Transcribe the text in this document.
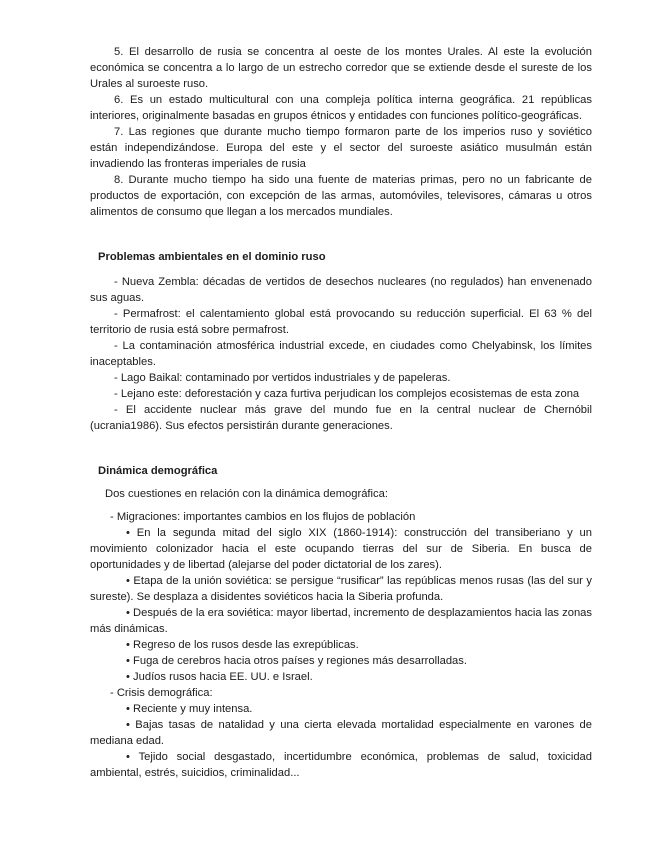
5. El desarrollo de rusia se concentra al oeste de los montes Urales. Al este la evolución económica se concentra a lo largo de un estrecho corredor que se extiende desde el sureste de los Urales al suroeste ruso.

6. Es un estado multicultural con una compleja política interna geográfica. 21 repúblicas interiores, originalmente basadas en grupos étnicos y entidades con funciones político-geográficas.

7. Las regiones que durante mucho tiempo formaron parte de los imperios ruso y soviético están independizándose. Europa del este y el sector del suroeste asiático musulmán están invadiendo las fronteras imperiales de rusia

8. Durante mucho tiempo ha sido una fuente de materias primas, pero no un fabricante de productos de exportación, con excepción de las armas, automóviles, televisores, cámaras u otros alimentos de consumo que llegan a los mercados mundiales.

Problemas ambientales en el dominio ruso

- Nueva Zembla: décadas de vertidos de desechos nucleares (no regulados) han envenenado sus aguas.

- Permafrost: el calentamiento global está provocando su reducción superficial. El 63 % del territorio de rusia está sobre permafrost.

- La contaminación atmosférica industrial excede, en ciudades como Chelyabinsk, los límites inaceptables.

- Lago Baikal: contaminado por vertidos industriales y de papeleras.

- Lejano este: deforestación y caza furtiva perjudican los complejos ecosistemas de esta zona

- El accidente nuclear más grave del mundo fue en la central nuclear de Chernóbil (ucrania1986). Sus efectos persistirán durante generaciones.

Dinámica demográfica

Dos cuestiones en relación con la dinámica demográfica:

- Migraciones: importantes cambios en los flujos de población

• En la segunda mitad del siglo XIX (1860-1914): construcción del transiberiano y un movimiento colonizador hacia el este ocupando tierras del sur de Siberia. En busca de oportunidades y de libertad (alejarse del poder dictatorial de los zares).

• Etapa de la unión soviética: se persigue “rusificar” las repúblicas menos rusas (las del sur y sureste). Se desplaza a disidentes soviéticos hacia la Siberia profunda.

• Después de la era soviética: mayor libertad, incremento de desplazamientos hacia las zonas más dinámicas.

• Regreso de los rusos desde las exrepúblicas.

• Fuga de cerebros hacia otros países y regiones más desarrolladas.

• Judíos rusos hacia EE. UU. e Israel.

- Crisis demográfica:

• Reciente y muy intensa.

• Bajas tasas de natalidad y una cierta elevada mortalidad especialmente en varones de mediana edad.

• Tejido social desgastado, incertidumbre económica, problemas de salud, toxicidad ambiental, estrés, suicidios, criminalidad...
